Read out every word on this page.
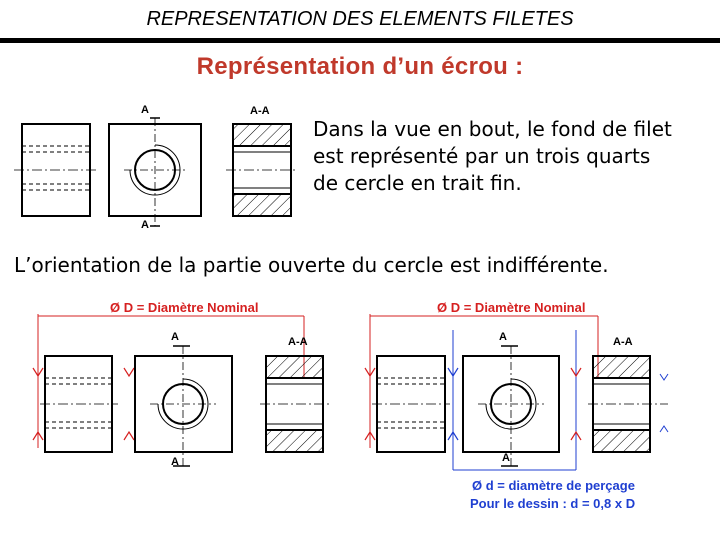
REPRESENTATION DES ELEMENTS FILETES
Représentation d’un écrou :
Dans la vue en bout, le fond de filet
est représenté par un trois quarts
de cercle en trait fin.
L’orientation de la partie ouverte du cercle est indifférente.
A
A
A-A
Ø D = Diamètre Nominal
A
A
A-A
Ø D = Diamètre Nominal
A
A
A-A
Ø d = diamètre de perçage
Pour le dessin : d = 0,8 x D
